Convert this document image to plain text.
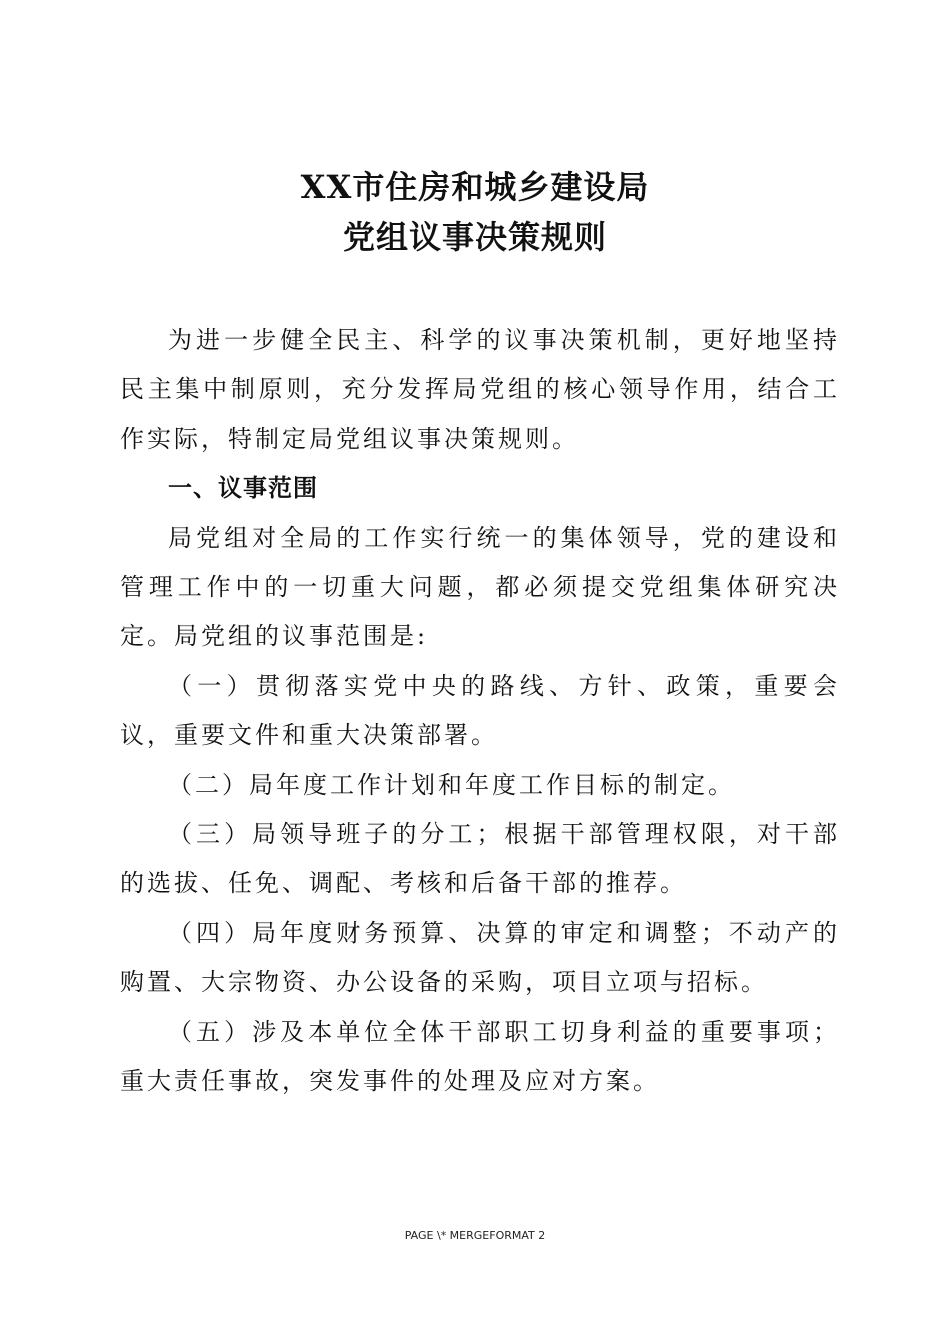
XX市住房和城乡建设局
党组议事决策规则

为进一步健全民主、科学的议事决策机制，更好地坚持民主集中制原则，充分发挥局党组的核心领导作用，结合工作实际，特制定局党组议事决策规则。

一、议事范围

局党组对全局的工作实行统一的集体领导，党的建设和管理工作中的一切重大问题，都必须提交党组集体研究决定。局党组的议事范围是:

（一）贯彻落实党中央的路线、方针、政策，重要会议，重要文件和重大决策部署。

（二）局年度工作计划和年度工作目标的制定。

（三）局领导班子的分工；根据干部管理权限，对干部的选拔、任免、调配、考核和后备干部的推荐。

（四）局年度财务预算、决算的审定和调整；不动产的购置、大宗物资、办公设备的采购，项目立项与招标。

（五）涉及本单位全体干部职工切身利益的重要事项；重大责任事故，突发事件的处理及应对方案。

PAGE \* MERGEFORMAT 2
